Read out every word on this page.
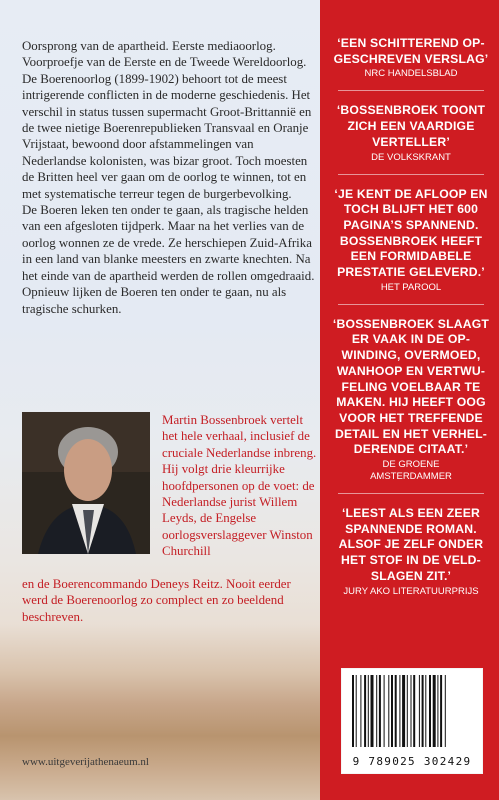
Oorsprong van de apartheid. Eerste mediaoorlog. Voorproefje van de Eerste en de Tweede Wereldoorlog. De Boerenoorlog (1899-1902) behoort tot de meest intrigerende conflicten in de moderne geschiedenis. Het verschil in status tussen supermacht Groot-Brittannië en de twee nietige Boerenrepublieken Transvaal en Oranje Vrijstaat, bewoond door afstammelingen van Nederlandse kolonisten, was bizar groot. Toch moesten de Britten heel ver gaan om de oorlog te winnen, tot en met systematische terreur tegen de burgerbevolking.
De Boeren leken ten onder te gaan, als tragische helden van een afgesloten tijdperk. Maar na het verlies van de oorlog wonnen ze de vrede. Ze herschiepen Zuid-Afrika in een land van blanke meesters en zwarte knechten. Na het einde van de apartheid werden de rollen omgedraaid. Opnieuw lijken de Boeren ten onder te gaan, nu als tragische schurken.
Martin Bossenbroek vertelt het hele verhaal, inclusief de cruciale Nederlandse inbreng. Hij volgt drie kleurrijke hoofdpersonen op de voet: de Nederlandse jurist Willem Leyds, de Engelse oorlogsverslaggever Winston Churchill en de Boerencommando Deneys Reitz. Nooit eerder werd de Boerenoorlog zo complect en zo beeldend beschreven.
www.uitgeverijathenaeum.nl

‘EEN SCHITTEREND OP-
GESCHREVEN VERSLAG’

NRC HANDELSBLAD

‘BOSSENBROEK TOONT
ZICH EEN VAARDIGE
VERTELLER’

DE VOLKSKRANT

‘JE KENT DE AFLOOP EN
TOCH BLIJFT HET 600
PAGINA’S SPANNEND.
BOSSENBROEK HEEFT
EEN FORMIDABELE
PRESTATIE GELEVERD.’

HET PAROOL

‘BOSSENBROEK SLAAGT
ER VAAK IN DE OP-
WINDING, OVERMOED,
WANHOOP EN VERTWU-
FELING VOELBAAR TE
MAKEN. HIJ HEEFT OOG
VOOR HET TREFFENDE
DETAIL EN HET VERHEL-
DERENDE CITAAT.’

DE GROENE
AMSTERDAMMER

‘LEEST ALS EEN ZEER
SPANNENDE ROMAN.
ALSOF JE ZELF ONDER
HET STOF IN DE VELD-
SLAGEN ZIT.’

JURY AKO LITERATUURPRIJS

9 789025 302429
